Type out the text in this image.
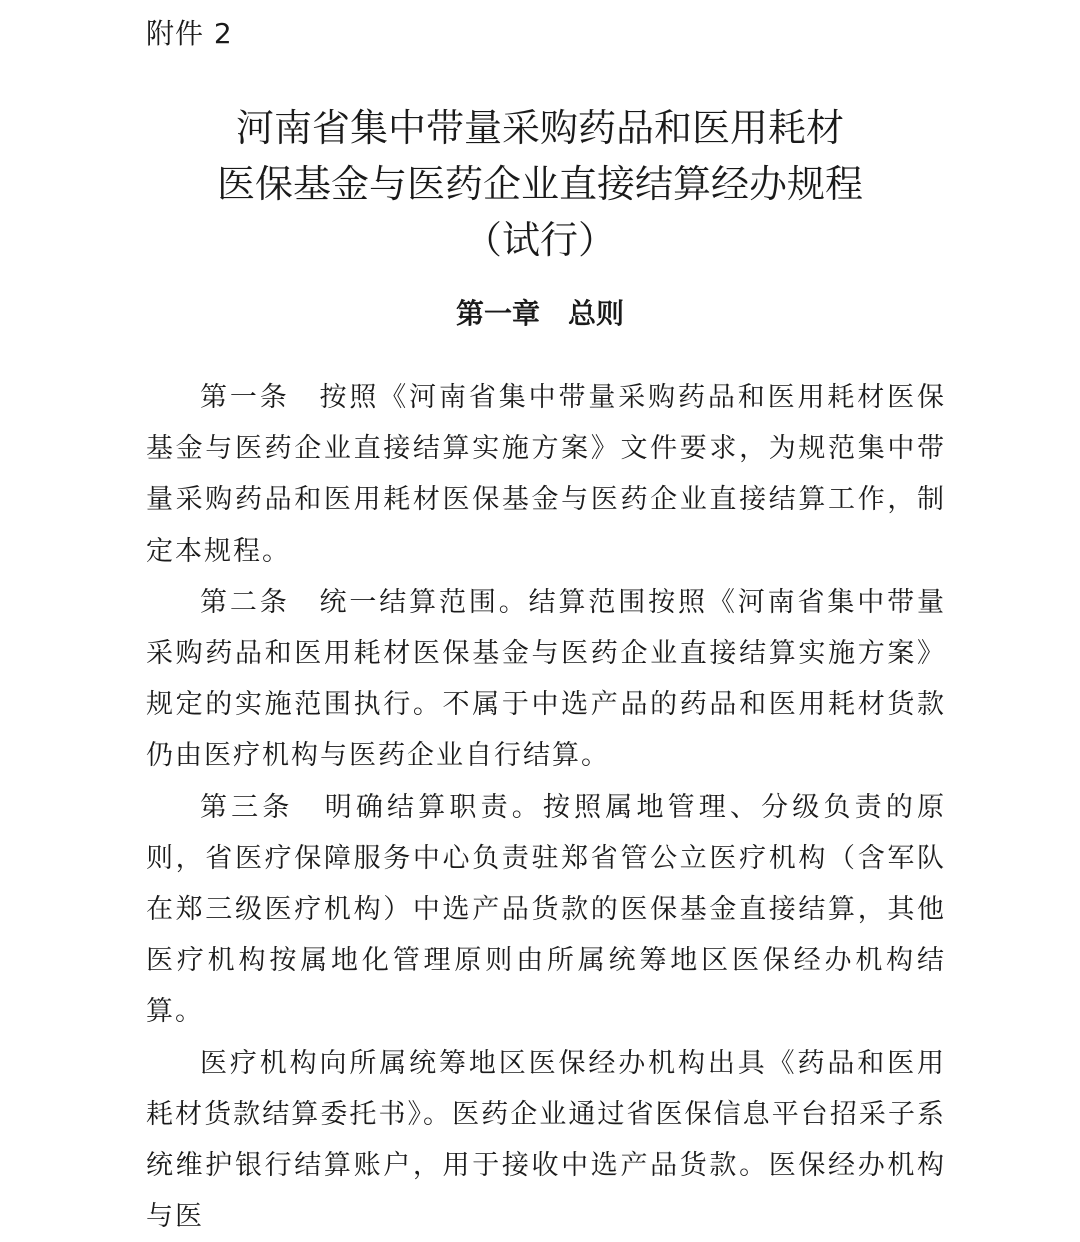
附件 2
河南省集中带量采购药品和医用耗材
医保基金与医药企业直接结算经办规程
（试行）
第一章　总则

第一条　按照《河南省集中带量采购药品和医用耗材医保基金与医药企业直接结算实施方案》文件要求，为规范集中带量采购药品和医用耗材医保基金与医药企业直接结算工作，制定本规程。

第二条　统一结算范围。结算范围按照《河南省集中带量采购药品和医用耗材医保基金与医药企业直接结算实施方案》规定的实施范围执行。不属于中选产品的药品和医用耗材货款仍由医疗机构与医药企业自行结算。

第三条　明确结算职责。按照属地管理、分级负责的原则，省医疗保障服务中心负责驻郑省管公立医疗机构（含军队在郑三级医疗机构）中选产品货款的医保基金直接结算，其他医疗机构按属地化管理原则由所属统筹地区医保经办机构结算。

医疗机构向所属统筹地区医保经办机构出具《药品和医用耗材货款结算委托书》。医药企业通过省医保信息平台招采子系统维护银行结算账户，用于接收中选产品货款。医保经办机构与医
